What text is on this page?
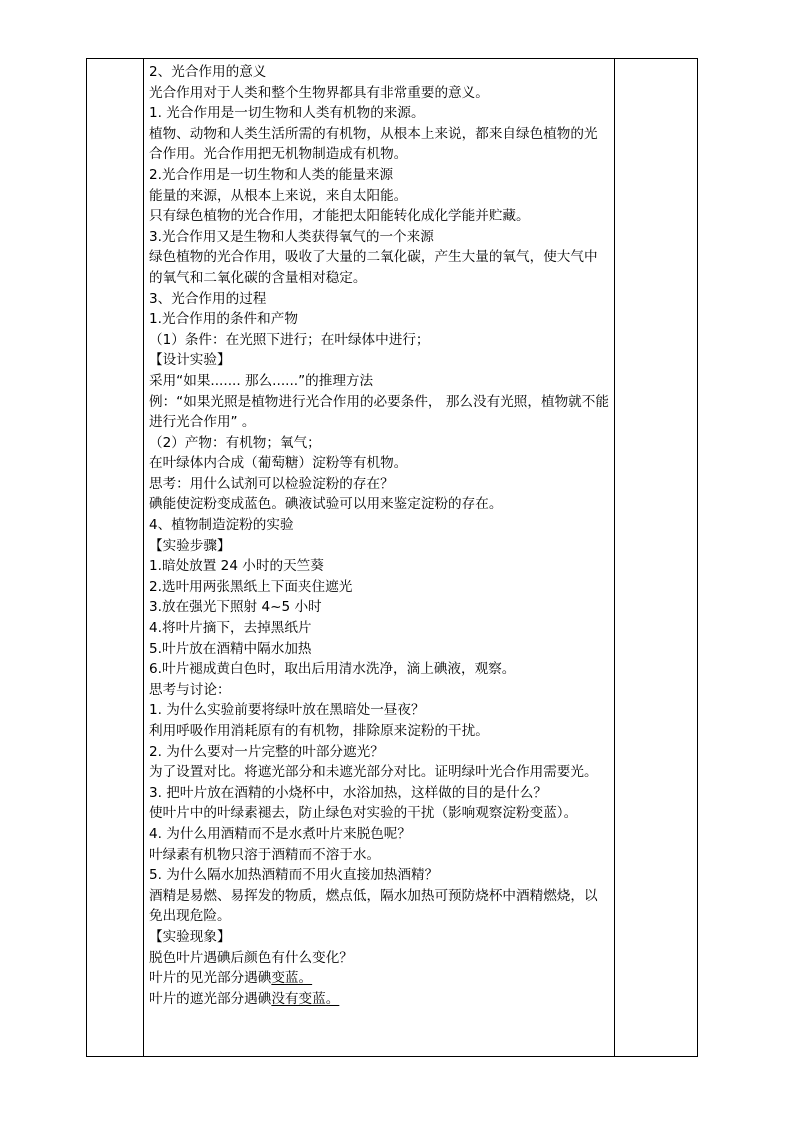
2、光合作用的意义
光合作用对于人类和整个生物界都具有非常重要的意义。
1. 光合作用是一切生物和人类有机物的来源。
植物、动物和人类生活所需的有机物，从根本上来说，都来自绿色植物的光合作用。光合作用把无机物制造成有机物。
2.光合作用是一切生物和人类的能量来源
能量的来源，从根本上来说，来自太阳能。
只有绿色植物的光合作用，才能把太阳能转化成化学能并贮藏。
3.光合作用又是生物和人类获得氧气的一个来源
绿色植物的光合作用，吸收了大量的二氧化碳，产生大量的氧气，使大气中的氧气和二氧化碳的含量相对稳定。
3、光合作用的过程
1.光合作用的条件和产物
（1）条件：在光照下进行；在叶绿体中进行；
【设计实验】
采用“如果....... 那么......”的推理方法
例：“如果光照是植物进行光合作用的必要条件， 那么没有光照，植物就不能进行光合作用” 。
（2）产物：有机物；氧气；
在叶绿体内合成（葡萄糖）淀粉等有机物。
思考：用什么试剂可以检验淀粉的存在？
碘能使淀粉变成蓝色。碘液试验可以用来鉴定淀粉的存在。
4、植物制造淀粉的实验
【实验步骤】
1.暗处放置 24 小时的天竺葵
2.选叶用两张黑纸上下面夹住遮光
3.放在强光下照射 4~5 小时
4.将叶片摘下，去掉黑纸片
5.叶片放在酒精中隔水加热
6.叶片褪成黄白色时，取出后用清水洗净，滴上碘液，观察。
思考与讨论：
1. 为什么实验前要将绿叶放在黑暗处一昼夜？
利用呼吸作用消耗原有的有机物，排除原来淀粉的干扰。
2. 为什么要对一片完整的叶部分遮光？
为了设置对比。将遮光部分和未遮光部分对比。证明绿叶光合作用需要光。
3. 把叶片放在酒精的小烧杯中，水浴加热，这样做的目的是什么？
使叶片中的叶绿素褪去，防止绿色对实验的干扰（影响观察淀粉变蓝）。
4. 为什么用酒精而不是水煮叶片来脱色呢？
叶绿素有机物只溶于酒精而不溶于水。
5. 为什么隔水加热酒精而不用火直接加热酒精？
酒精是易燃、易挥发的物质，燃点低，隔水加热可预防烧杯中酒精燃烧，以免出现危险。
【实验现象】
脱色叶片遇碘后颜色有什么变化？
叶片的见光部分遇碘变蓝。
叶片的遮光部分遇碘没有变蓝。
